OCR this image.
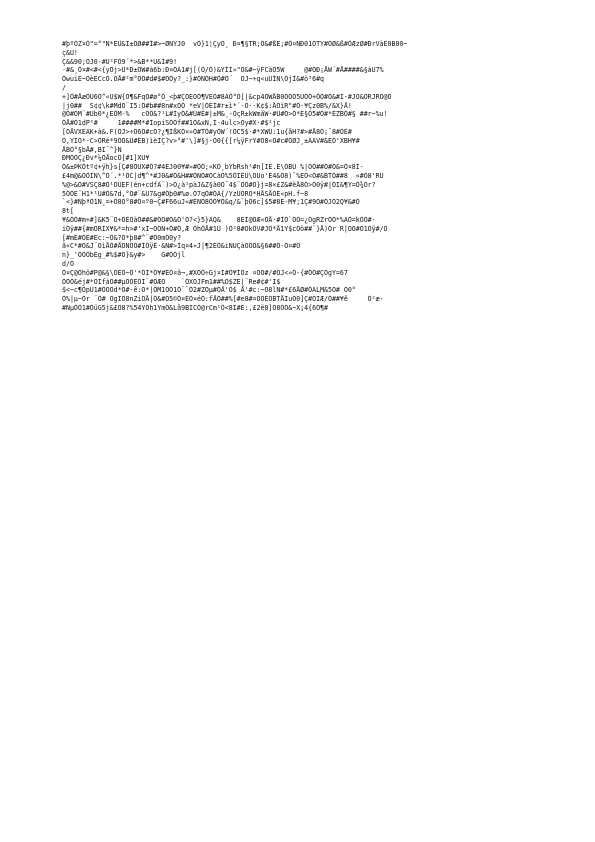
#þºÖZ¤Ò"=°"N*ÈÜ&I±ÖØ##Ì#>~ØÑÝJ0  vÖ}1¦ÇyÖ¸ Ð¤¶§TR;Ô&#ßE;#Ö¤NÐ01ÖTY#ÖØ&ß#ÖÆzØ#ÐrVàÈ0B00~
ç&U!
Ç&&90;OJ0-#Ü²FÖ9´*>&B**U&Í#9!
·#&¸Ö¤#<#<{yÖj>Ü*Ð±ÖW#à6b:Ð¤ÖÀ1#j[(Ö/Ö)&ÝÌI»"Ö&#~ÿFCàÖ5W     @#ÖÐ¡ÅW´#Å####&§àU7%
ÖwuiÈ~ÖèÊCcÖ.ÖÅ#²m°ÖÖ#d#$#ÖÖy?_:}#ÖÑÖH#Ö#Ö´  ÖJ~÷q«uÜÌÑ\ÖjÌ&#ö³6#q
/
+]Ö#ÅæÖÜ6Ö^«U$W{Ö¶&FqÖ#ø°Ö_<þ#ÇÖEÖÖ¶VEÖ#8ÄÖ°Ö[|&cp4ÖWÅB0ÖÖÖ5ÜÖÖ+ÖÖ#Ö&#I-#JÖ&ÖRJRÖ@Ö
|j0##  S¢¢\k#MdÖ¨I5:Ö#b##8n#xÖÖ *eV|ÖÉÌ#r±ì*´-Ö·-K¢$:ÅÖìR"#Ö-¥Çz0B%/&X}Å!
@Ö#ÖM¨#Ub0*¿ÈÖM-%   cÖÖ&?¹L#ÌyÖ&#Ü#È#|±M&¸-ÖçR±kWmåW·#Ü#Ö>Ö*Ê§Ö5#Ö#*ÈZBÖ#§ ##r~%u!
ÖÅ#Ö1dP²#     1####M*#ÌopiSÖÖf##1Ö&xÑ,Í-4ulc>Öy#X·#$¹jc
[ÖÅVXEAK+à&.F(ÖJ>÷Ö6Ö#cÖ?¿¶ÌßKÖ¤»Ö#TÖ#yÖW´!ÖC5$·#*XWÜ:1u{åH?#>#Å8Ö¡¯8#ÖÈ#
Ö,YÌÖ*·C>ÖRé*9ÖÖ&Ü#ÊB)ìèÌÇ?v>°#'\]#§j·Ö0{{[r¼ÿFrY#Ö8«Ö#c#ÖØJ¸±ÂAV#&ÈÖ'XBH¥#
ÅBÖ°§bÅ#,BI¯^}Ñ
ÐMÖÖÇ¿Ðv*¼ÖÅocÖ[#1]XU¥
Ö&±ÞKÖtº¢+ÿh}s[Ç#8ÖÜX#Ö?#4EJ00¥#»#ÖÖ;«KÖ¸bYbRsh¹#n[IE.È\ÖBÜ %|ÖÖ##Ö#Ö&=Ö¤8Ì-
£4m@&ÖÖIÑ\^Ö´.*¹ÖC|d¶^*#J0&#Ö&H##ÖNÖ#ÖCàÖ%5ÖIÉÜ\ÖÜo'È4&Ö8)¯%EÖ<Ö#&BTÖ##8  «#Ö8'RÜ
%@>&Ö#VSÇ8#Ö¹ÖÜÈF(én+cdfÄ¨)>Ö¿à¹pàJ&Z§à0Ö¯4$¨ÖÖ#Ö}j=8×£Z&#ëÅ8Ö>Ö0ÿ#|ÖI&¶Y=Ö¾Ör?
5ÖÖE¨H1*¹Ü#Ö&7d,°Ö#¨&Ü7&g#Öþ0#%ø.Ö7qÖ#ÖÄ{/YzÜÖRÖ*HÅSÅÖÈ«pH.f~8
`<}#ÑþªÖ1Ñ¸=+Ö8Ö°8#Ö¤º0~Ç#F66uJ«#ÈNÖ8ÖÖ¥Ö&q/&`þÖ6c]$5#8È-M¥;1Ç#9Ö#ÖJÖ2Q¥&#Ö
8t[
¥&ÖÖ#m÷#]&K5¨Ö+ÖÈÖàÖ##&#ÖÖ#Ö&Ö'Ö?<}5}ÄQ&    8ÈÌ@ÖÆ«ÖÅ·#ÌÖ`ÖÖ=¿ÖgRZrÖÖ*%AÖ=kÖÖ#-
iÖÿ##{#mÖRÌX¥&*=h>#'xÌ~ÖÖÑ+Ö#Ö,Æ ÖhÖÅ#1Ü )Ö²8#ÖkÖV#JÖ*Å1Y$cÖö##¨}Å)Ör R|ÖÖ#Ö1Öÿ#/Ö
[#mÈ#ÖÈ#Ec:~Ö&?Ö*þ8#^¨#Ö0mÖ0y?
ã«C*#Ö&J¨ÖìÅÖ#ÅÖNÖÖ#ÌÖÿÈ·&Ñ#>Ìq¤4»J|¶2ÈÖ&iNUÇàÖÖÖ&§6##Ö-Ö¤#Ö
n}_'ÖÖÖbÈg_#%$#Ö}&y#>    G#ÖÖjl
d/Ö
Ö¤Ç@Öhö#P@&§\ÖÈÖ~Ö'*ÖI*Ö¥#ÈÖ¤â¬,#XÖÖ÷Gj¤I#Ö¥ÌÖz ¤ÖÖ#/#ÖJ<»Ö-{#ÖÖ#ÇÖgY=67
ÖÖÖ&éj#*ÖIfàÖ##µÖÖÈÖI¨#ÖÆÖ    `ÖXÖJFm1##%Ö$ZÈ|¨Re#¢#'I$
$<~c¶ÖpÜ1#ÖÖÖd*Ö#·ê:Ö*|ÖM1ÖÖ1Ö¨¨Ö2#ZÖµ#ÖÅ'Ö$ Å'#c:~Ö8lÑ#*£6ÅØ#ÖÁLM&5Ö# Ö0°
Ö%|µ~Ör ¨Ö# ÖgÌÖ8nZiÖÅ|Ö&#Ö5©Ö¤ÈÖ¤éÖ:fÅÖ##%[#e8#¤ÖÖÈÖBTÅIuÖ0]Ç#ÖIÆ/Ö##¥ê     Ö²æ-
#ÑµÖÖ1#ÖüG5j&£Ö8?%54YÖh1YmÖ&Lå9BICÖ@rCm¹Ö<8I#È:,£2ë8]Ö8ÖÖ&~X¡4{6Ö¶#
